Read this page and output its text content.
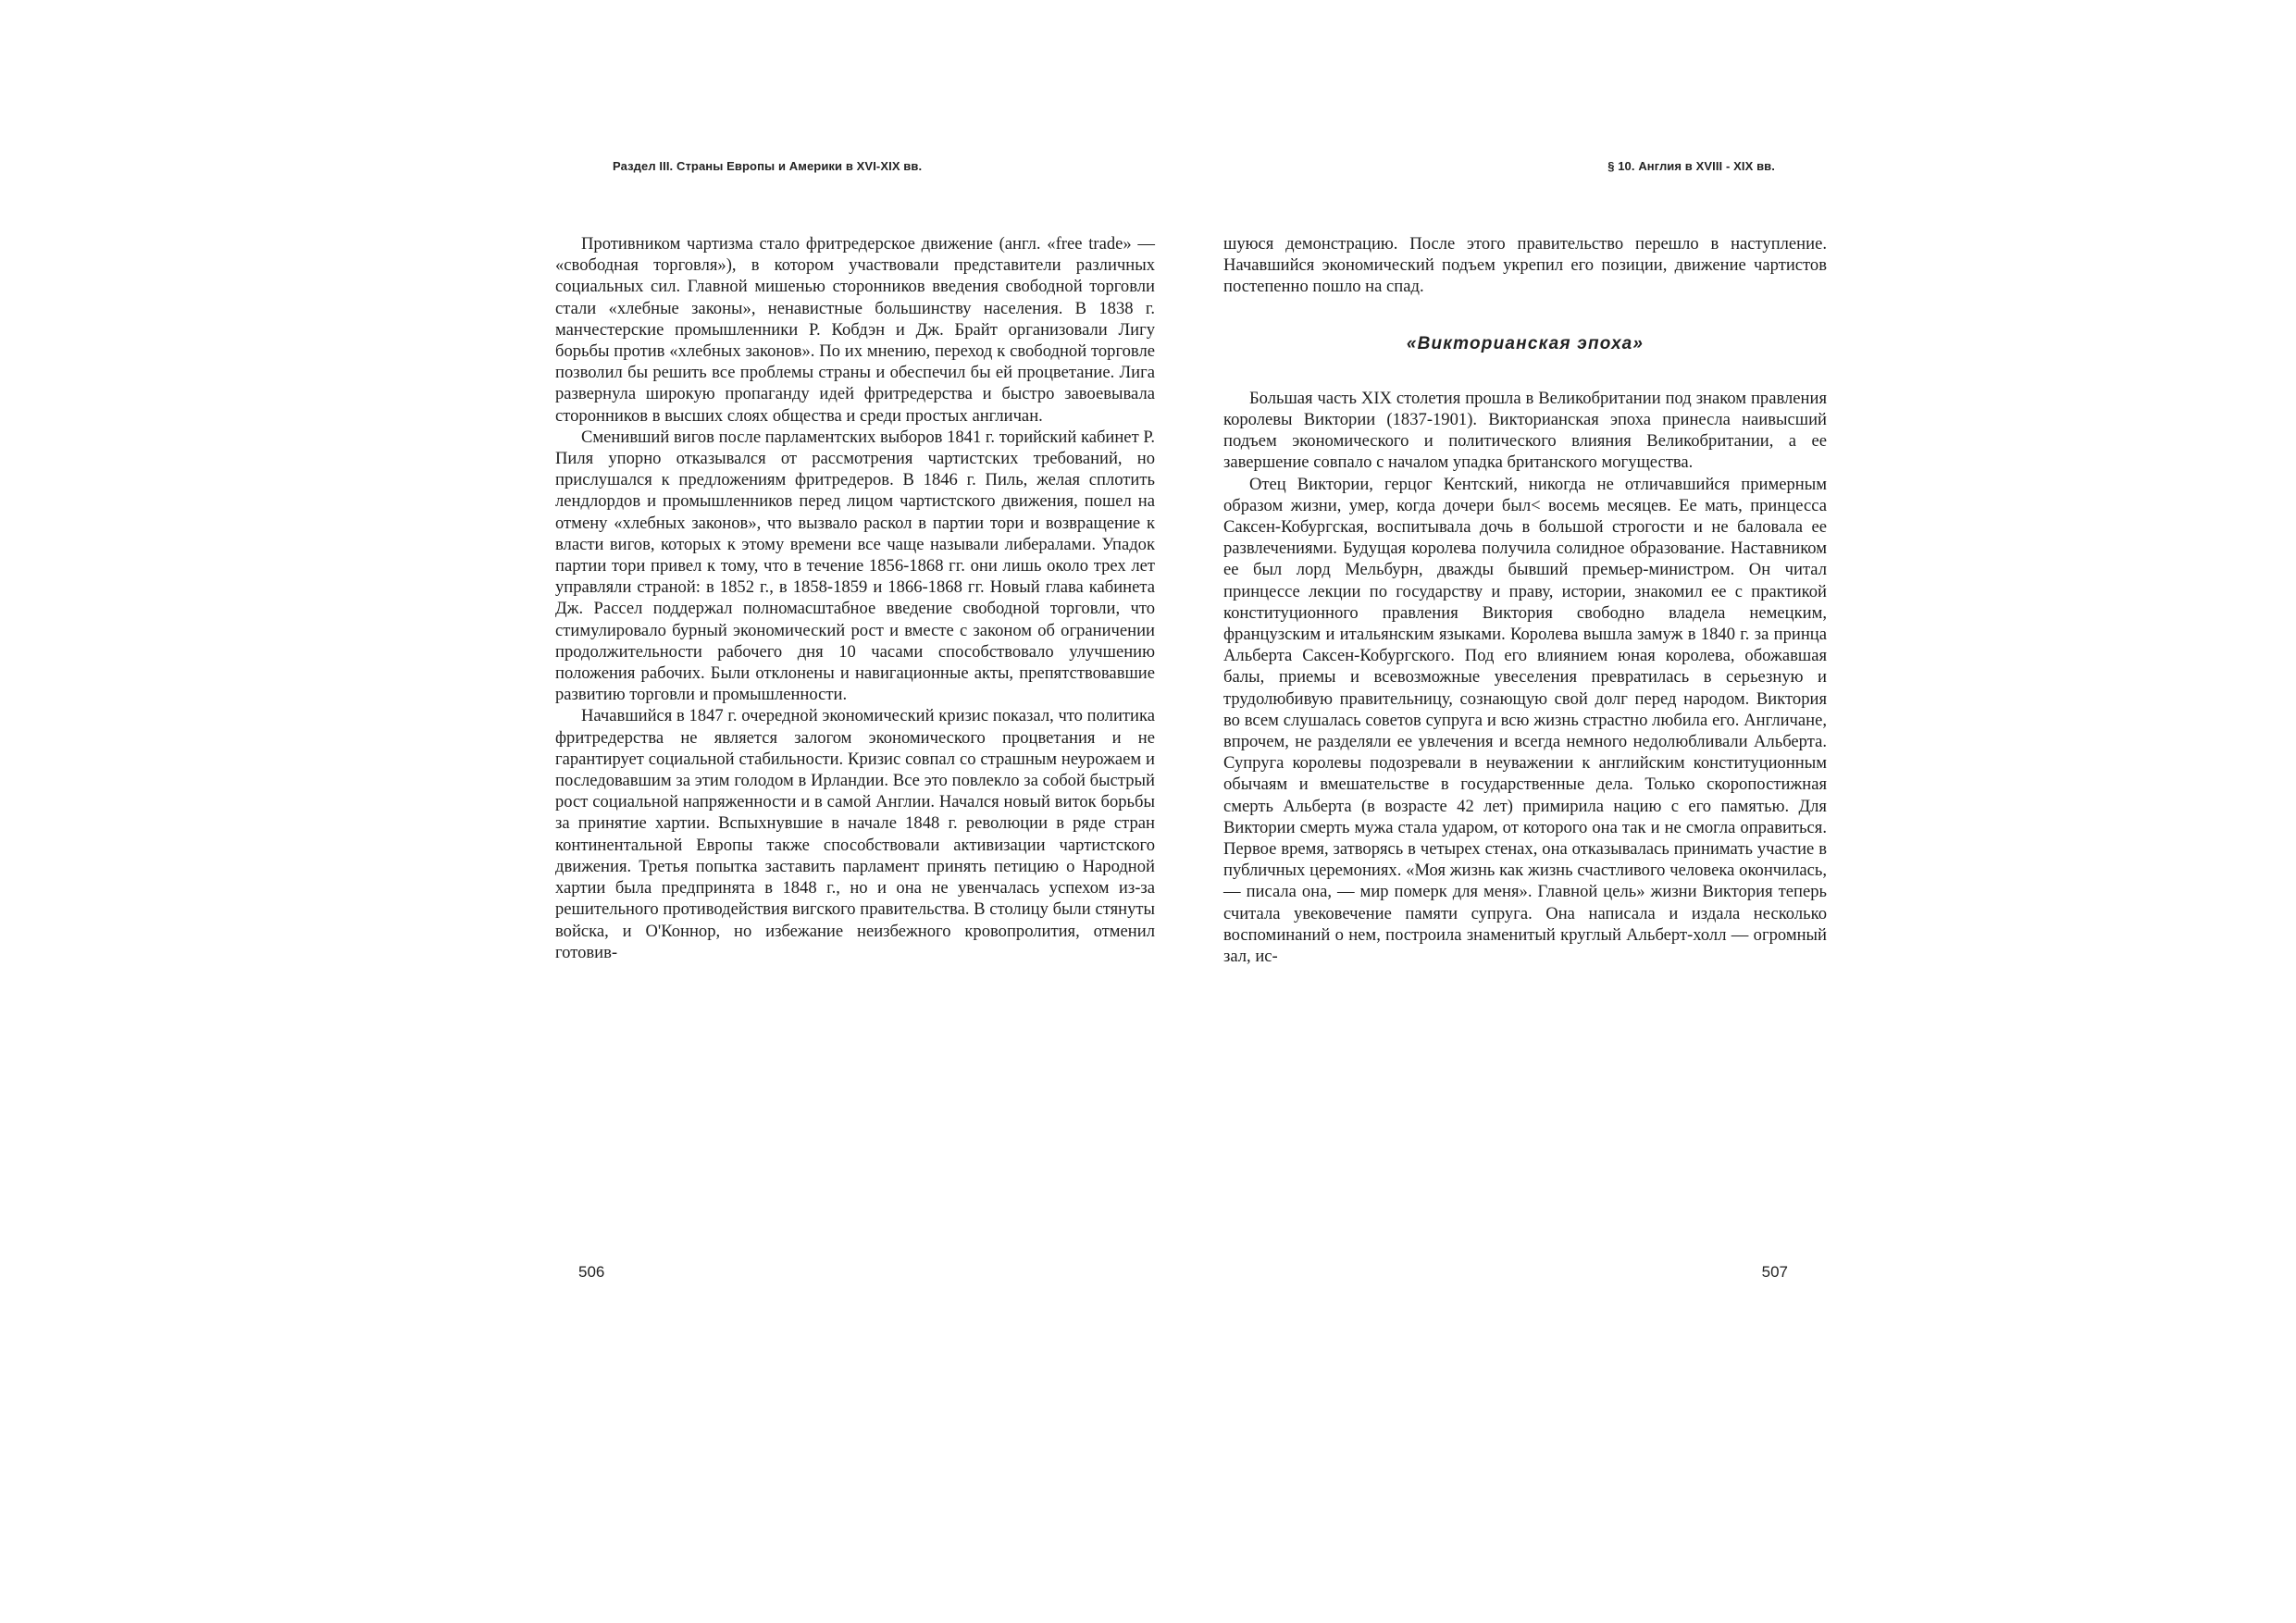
Раздел III. Страны Европы и Америки в XVI-XIX вв.

Противником чартизма стало фритредерское движение (англ. «free trade» — «свободная торговля»), в котором участвовали представители различных социальных сил. Главной мишенью сторонников введения свободной торговли стали «хлебные законы», ненавистные большинству населения. В 1838 г. манчестерские промышленники Р. Кобдэн и Дж. Брайт организовали Лигу борьбы против «хлебных законов». По их мнению, переход к свободной торговле позволил бы решить все проблемы страны и обеспечил бы ей процветание. Лига развернула широкую пропаганду идей фритредерства и быстро завоевывала сторонников в высших слоях общества и среди простых англичан.

Сменивший вигов после парламентских выборов 1841 г. торийский кабинет Р. Пиля упорно отказывался от рассмотрения чартистских требований, но прислушался к предложениям фритредеров. В 1846 г. Пиль, желая сплотить лендлордов и промышленников перед лицом чартистского движения, пошел на отмену «хлебных законов», что вызвало раскол в партии тори и возвращение к власти вигов, которых к этому времени все чаще называли либералами. Упадок партии тори привел к тому, что в течение 1856-1868 гг. они лишь около трех лет управляли страной: в 1852 г., в 1858-1859 и 1866-1868 гг. Новый глава кабинета Дж. Рассел поддержал полномасштабное введение свободной торговли, что стимулировало бурный экономический рост и вместе с законом об ограничении продолжительности рабочего дня 10 часами способствовало улучшению положения рабочих. Были отклонены и навигационные акты, препятствовавшие развитию торговли и промышленности.

Начавшийся в 1847 г. очередной экономический кризис показал, что политика фритредерства не является залогом экономического процветания и не гарантирует социальной стабильности. Кризис совпал со страшным неурожаем и последовавшим за этим голодом в Ирландии. Все это повлекло за собой быстрый рост социальной напряженности и в самой Англии. Начался новый виток борьбы за принятие хартии. Вспыхнувшие в начале 1848 г. революции в ряде стран континентальной Европы также способствовали активизации чартистского движения. Третья попытка заставить парламент принять петицию о Народной хартии была предпринята в 1848 г., но и она не увенчалась успехом из-за решительного противодействия вигского правительства. В столицу были стянуты войска, и О'Коннор, но избежание неизбежного кровопролития, отменил готовив-

506
§ 10. Англия в XVIII - XIX вв.

шуюся демонстрацию. После этого правительство перешло в наступление. Начавшийся экономический подъем укрепил его позиции, движение чартистов постепенно пошло на спад.

«Викторианская эпоха»

Большая часть XIX столетия прошла в Великобритании под знаком правления королевы Виктории (1837-1901). Викторианская эпоха принесла наивысший подъем экономического и политического влияния Великобритании, а ее завершение совпало с началом упадка британского могущества.

Отец Виктории, герцог Кентский, никогда не отличавшийся примерным образом жизни, умер, когда дочери был< восемь месяцев. Ее мать, принцесса Саксен-Кобургская, воспитывала дочь в большой строгости и не баловала ее развлечениями. Будущая королева получила солидное образование. Наставником ее был лорд Мельбурн, дважды бывший премьер-министром. Он читал принцессе лекции по государству и праву, истории, знакомил ее с практикой конституционного правления Виктория свободно владела немецким, французским и итальянским языками. Королева вышла замуж в 1840 г. за принца Альберта Саксен-Кобургского. Под его влиянием юная королева, обожавшая балы, приемы и всевозможные увеселения превратилась в серьезную и трудолюбивую правительницу, сознающую свой долг перед народом. Виктория во всем слушалась советов супруга и всю жизнь страстно любила его. Англичане, впрочем, не разделяли ее увлечения и всегда немного недолюбливали Альберта. Супруга королевы подозревали в неуважении к английским конституционным обычаям и вмешательстве в государственные дела. Только скоропостижная смерть Альберта (в возрасте 42 лет) примирила нацию с его памятью. Для Виктории смерть мужа стала ударом, от которого она так и не смогла оправиться. Первое время, затворясь в четырех стенах, она отказывалась принимать участие в публичных церемониях. «Моя жизнь как жизнь счастливого человека окончилась, — писала она, — мир померк для меня». Главной цель» жизни Виктория теперь считала увековечение памяти супруга. Она написала и издала несколько воспоминаний о нем, построила знаменитый круглый Альберт-холл — огромный зал, ис-

507
